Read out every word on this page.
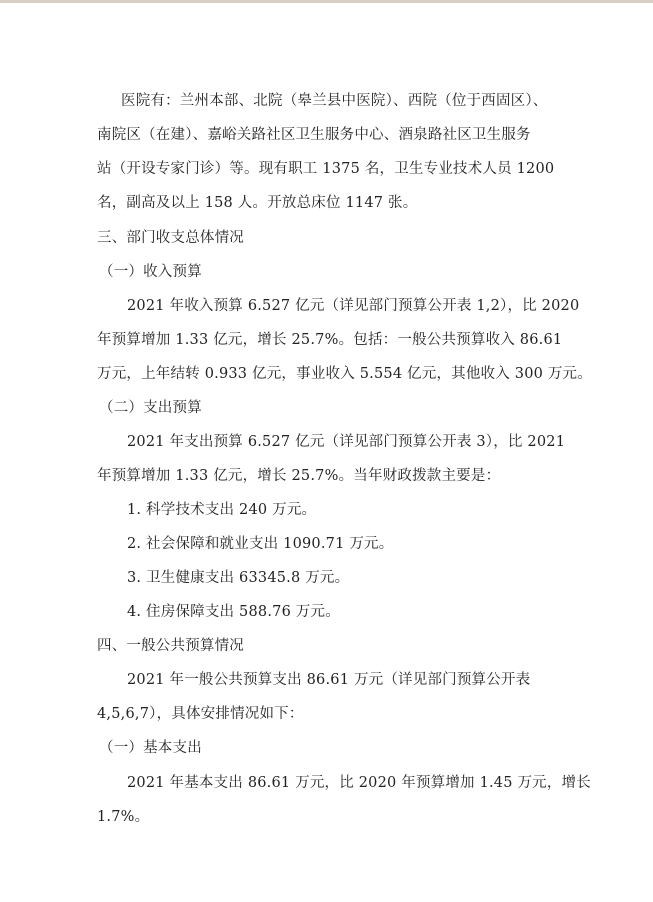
医院有：兰州本部、北院（皋兰县中医院）、西院（位于西固区）、
南院区（在建）、嘉峪关路社区卫生服务中心、酒泉路社区卫生服务
站（开设专家门诊）等。现有职工 1375 名，卫生专业技术人员 1200
名，副高及以上 158 人。开放总床位 1147 张。
三、部门收支总体情况
（一）收入预算
2021 年收入预算 6.527 亿元（详见部门预算公开表 1,2），比 2020
年预算增加 1.33 亿元，增长 25.7%。包括：一般公共预算收入 86.61
万元，上年结转 0.933 亿元，事业收入 5.554 亿元，其他收入 300 万元。
（二）支出预算
2021 年支出预算 6.527 亿元（详见部门预算公开表 3），比 2021
年预算增加 1.33 亿元，增长 25.7%。当年财政拨款主要是：
1. 科学技术支出 240 万元。
2. 社会保障和就业支出 1090.71 万元。
3. 卫生健康支出 63345.8 万元。
4. 住房保障支出 588.76 万元。
四、一般公共预算情况
2021 年一般公共预算支出 86.61 万元（详见部门预算公开表
4,5,6,7），具体安排情况如下：
（一）基本支出
2021 年基本支出 86.61 万元，比 2020 年预算增加 1.45 万元，增长
1.7%。
